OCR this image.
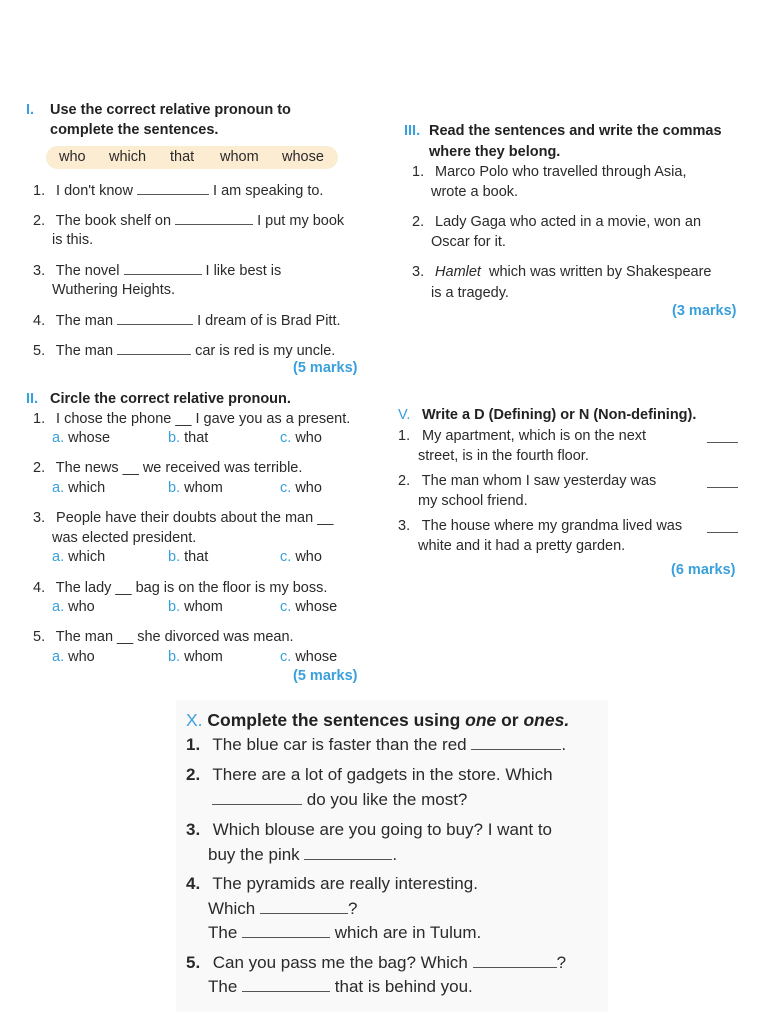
I. Use the correct relative pronoun to
complete the sentences.
who which that whom whose
1. I don't know	I am speaking to.
2. The book shelf on	I put my book
is this.
3. The novel	I like best is
Wuthering Heights.
4. The man	I dream of is Brad Pitt.
5. The man	car is red is my uncle.
(5 marks)
II. Circle the correct relative pronoun.
1. I chose the phone __ I gave you as a present.
a. whose	b. that	c. who
2. The news __ we received was terrible.
a. which	b. whom	c. who
3. People have their doubts about the man __
was elected president.
a. which	b. that	c. who
4. The lady __ bag is on the floor is my boss.
a. who	b. whom	c. whose
5. The man __ she divorced was mean.
a. who	b. whom	c. whose
(5 marks)
III. Read the sentences and write the commas
where they belong.
1. Marco Polo who travelled through Asia,
wrote a book.
2. Lady Gaga who acted in a movie, won an
Oscar for it.
3. Hamlet  which was written by Shakespeare
is a tragedy.
(3 marks)
V. Write a D (Defining) or N (Non-defining).
1. My apartment, which is on the next
street, is in the fourth floor.
2. The man whom I saw yesterday was
my school friend.
3. The house where my grandma lived was
white and it had a pretty garden.
(6 marks)
X. Complete the sentences using one or ones.
1. The blue car is faster than the red	.
2. There are a lot of gadgets in the store. Which
do you like the most?
3. Which blouse are you going to buy? I want to
buy the pink	.
4. The pyramids are really interesting.
Which	?
The	which are in Tulum.
5. Can you pass me the bag? Which	?
The	that is behind you.
